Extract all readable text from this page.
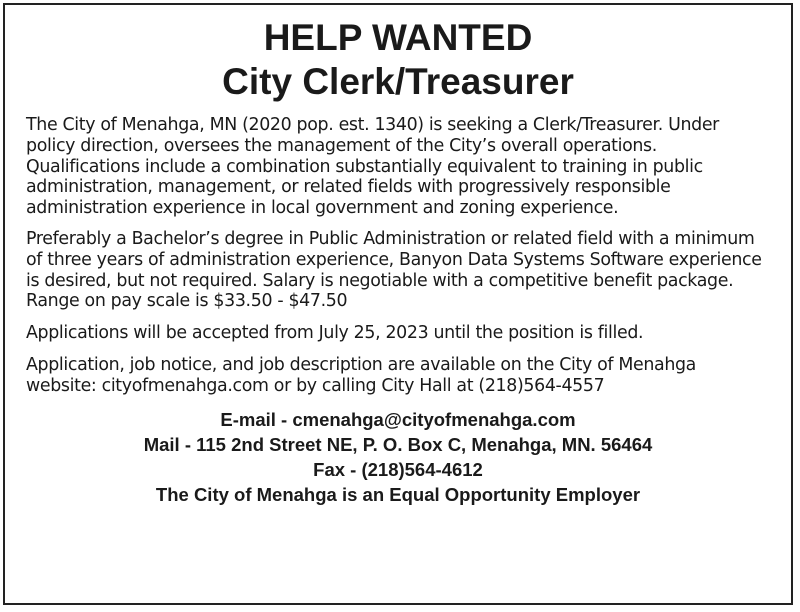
HELP WANTED
City Clerk/Treasurer

The City of Menahga, MN (2020 pop. est. 1340) is seeking a Clerk/Treasurer. Under policy direction, oversees the management of the City’s overall operations. Qualifications include a combination substantially equivalent to training in public administration, management, or related fields with progressively responsible administration experience in local government and zoning experience.

Preferably a Bachelor’s degree in Public Administration or related field with a minimum of three years of administration experience, Banyon Data Systems Software experience is desired, but not required. Salary is negotiable with a competitive benefit package. Range on pay scale is $33.50 - $47.50

Applications will be accepted from July 25, 2023 until the position is filled.

Application, job notice, and job description are available on the City of Menahga website: cityofmenahga.com or by calling City Hall at (218)564-4557

E-mail - cmenahga@cityofmenahga.com
Mail - 115 2nd Street NE, P. O. Box C, Menahga, MN. 56464
Fax - (218)564-4612
The City of Menahga is an Equal Opportunity Employer
